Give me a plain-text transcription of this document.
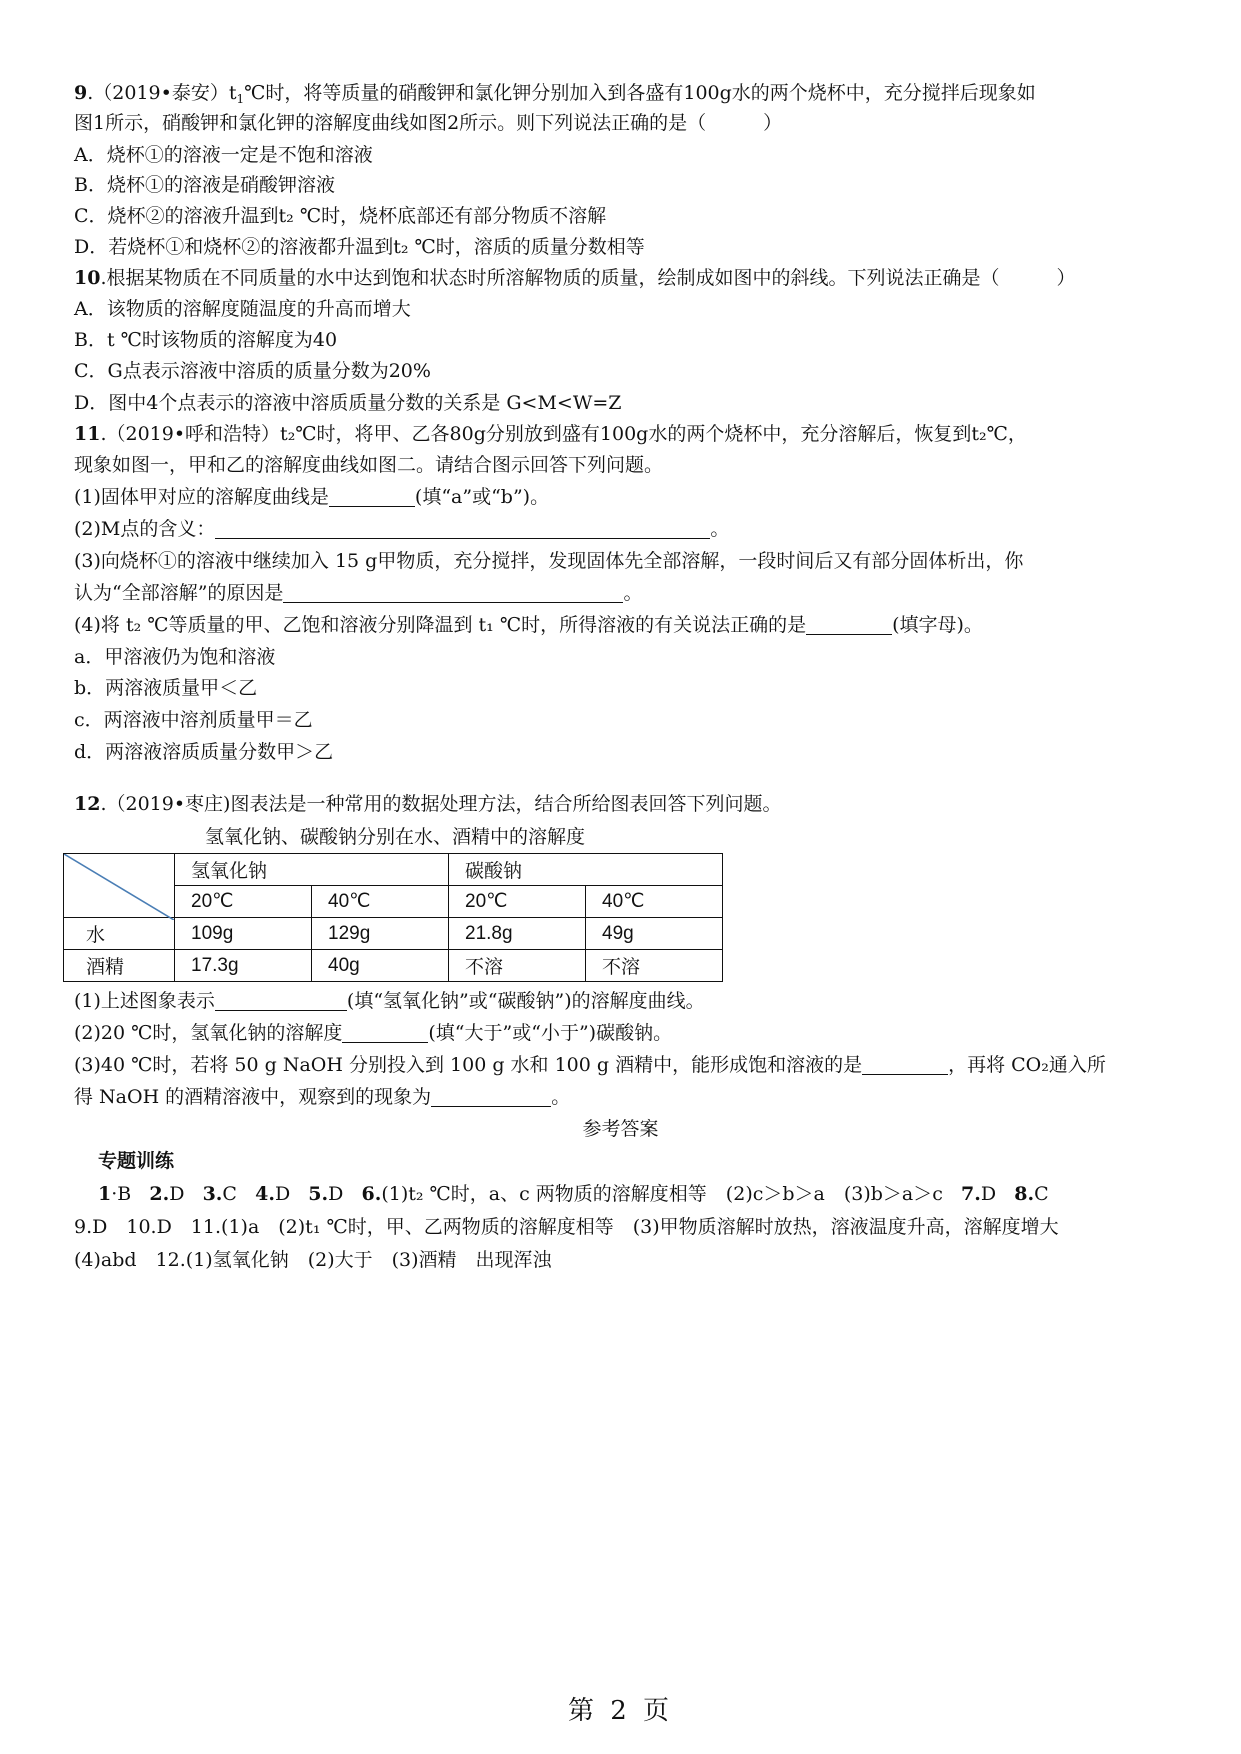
9.（2019•泰安）$t_1℃$时，将等质量的硝酸钾和氯化钾分别加入到各盛有100g水的两个烧杯中，充分搅拌后现象如
图1所示，硝酸钾和氯化钾的溶解度曲线如图2所示。则下列说法正确的是（　　　）
A．烧杯①的溶液一定是不饱和溶液
B．烧杯①的溶液是硝酸钾溶液
C．烧杯②的溶液升温到t₂ ℃时，烧杯底部还有部分物质不溶解
D．若烧杯①和烧杯②的溶液都升温到t₂ ℃时，溶质的质量分数相等
10.根据某物质在不同质量的水中达到饱和状态时所溶解物质的质量，绘制成如图中的斜线。下列说法正确是（　　　）
A．该物质的溶解度随温度的升高而增大
B．t ℃时该物质的溶解度为40
C．G点表示溶液中溶质的质量分数为20%
D．图中4个点表示的溶液中溶质质量分数的关系是 G<M<W=Z
11.（2019•呼和浩特）t₂℃时，将甲、乙各80g分别放到盛有100g水的两个烧杯中，充分溶解后，恢复到t₂℃，
现象如图一，甲和乙的溶解度曲线如图二。请结合图示回答下列问题。
(1)固体甲对应的溶解度曲线是	(填“a”或“b”)。
(2)M点的含义：	。
(3)向烧杯①的溶液中继续加入 15 g甲物质，充分搅拌，发现固体先全部溶解，一段时间后又有部分固体析出，你
认为“全部溶解”的原因是	。
(4)将 t₂ ℃等质量的甲、乙饱和溶液分别降温到 t₁ ℃时，所得溶液的有关说法正确的是	(填字母)。
a．甲溶液仍为饱和溶液
b．两溶液质量甲＜乙
c．两溶液中溶剂质量甲＝乙
d．两溶液溶质质量分数甲＞乙
12.（2019•枣庄)图表法是一种常用的数据处理方法，结合所给图表回答下列问题。
氢氧化钠、碳酸钠分别在水、酒精中的溶解度
	氢氧化钠		碳酸钠	
	20℃	40℃	20℃	40℃
水	109g	129g	21.8g	49g
酒精	17.3g	40g	不溶	不溶
(1)上述图象表示	(填“氢氧化钠”或“碳酸钠”)的溶解度曲线。
(2)20 ℃时，氢氧化钠的溶解度	(填“大于”或“小于”)碳酸钠。
(3)40 ℃时，若将 50 g NaOH 分别投入到 100 g 水和 100 g 酒精中，能形成饱和溶液的是	，再将 CO₂通入所
得 NaOH 的酒精溶液中，观察到的现象为	。
参考答案
专题训练
1·B 2.D 3.C 4.D 5.D 6.(1)t₂ ℃时，a、c 两物质的溶解度相等　(2)c＞b＞a　(3)b＞a＞c 7.D 8.C
9.D　10.D　11.(1)a　(2)t₁ ℃时，甲、乙两物质的溶解度相等　(3)甲物质溶解时放热，溶液温度升高，溶解度增大
(4)abd　12.(1)氢氧化钠　(2)大于　(3)酒精　出现浑浊
第 2 页
